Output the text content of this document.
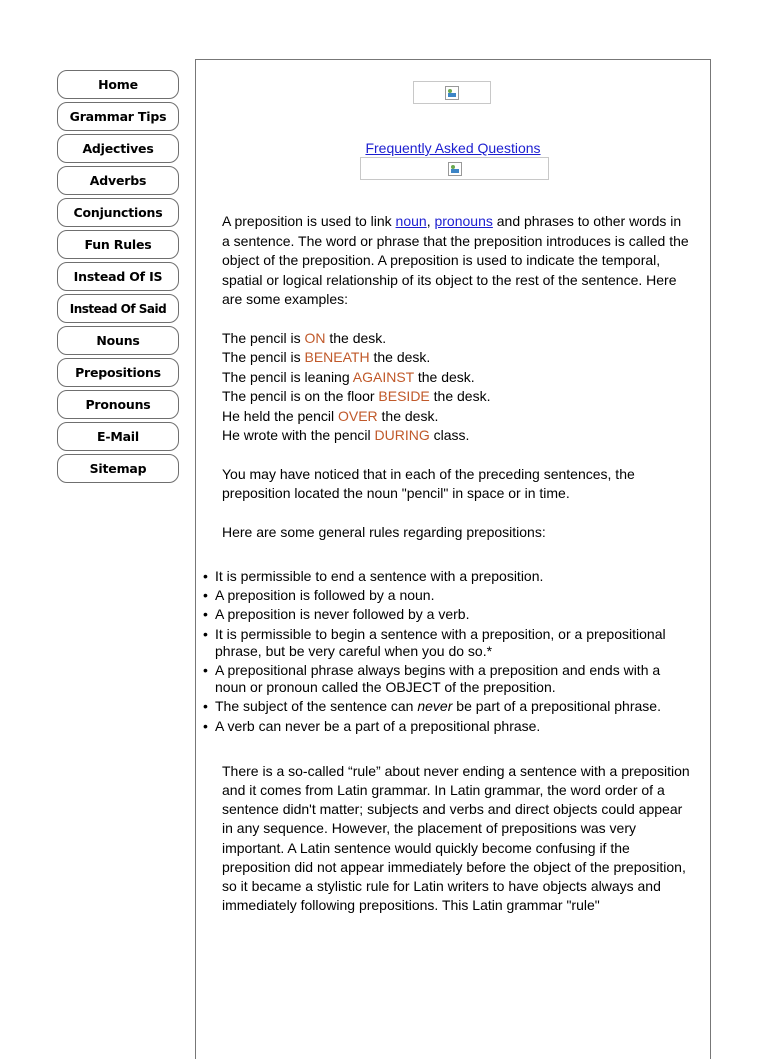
Home
Grammar Tips
Adjectives
Adverbs
Conjunctions
Fun Rules
Instead Of IS
Instead Of Said
Nouns
Prepositions
Pronouns
E-Mail
Sitemap
Frequently Asked Questions

A preposition is used to link noun, pronouns and phrases to other words in a sentence. The word or phrase that the preposition introduces is called the object of the preposition. A preposition is used to indicate the temporal, spatial or logical relationship of its object to the rest of the sentence. Here are some examples:

The pencil is ON the desk.
The pencil is BENEATH the desk.
The pencil is leaning AGAINST the desk.
The pencil is on the floor BESIDE the desk.
He held the pencil OVER the desk.
He wrote with the pencil DURING class.

You may have noticed that in each of the preceding sentences, the preposition located the noun "pencil" in space or in time.

Here are some general rules regarding prepositions:

• It is permissible to end a sentence with a preposition.
• A preposition is followed by a noun.
• A preposition is never followed by a verb.
• It is permissible to begin a sentence with a preposition, or a prepositional phrase, but be very careful when you do so.*
• A prepositional phrase always begins with a preposition and ends with a noun or pronoun called the OBJECT of the preposition.
• The subject of the sentence can never be part of a prepositional phrase.
• A verb can never be a part of a prepositional phrase.

There is a so-called “rule” about never ending a sentence with a preposition and it comes from Latin grammar. In Latin grammar, the word order of a sentence didn't matter; subjects and verbs and direct objects could appear in any sequence. However, the placement of prepositions was very important. A Latin sentence would quickly become confusing if the preposition did not appear immediately before the object of the preposition, so it became a stylistic rule for Latin writers to have objects always and immediately following prepositions. This Latin grammar "rule"
